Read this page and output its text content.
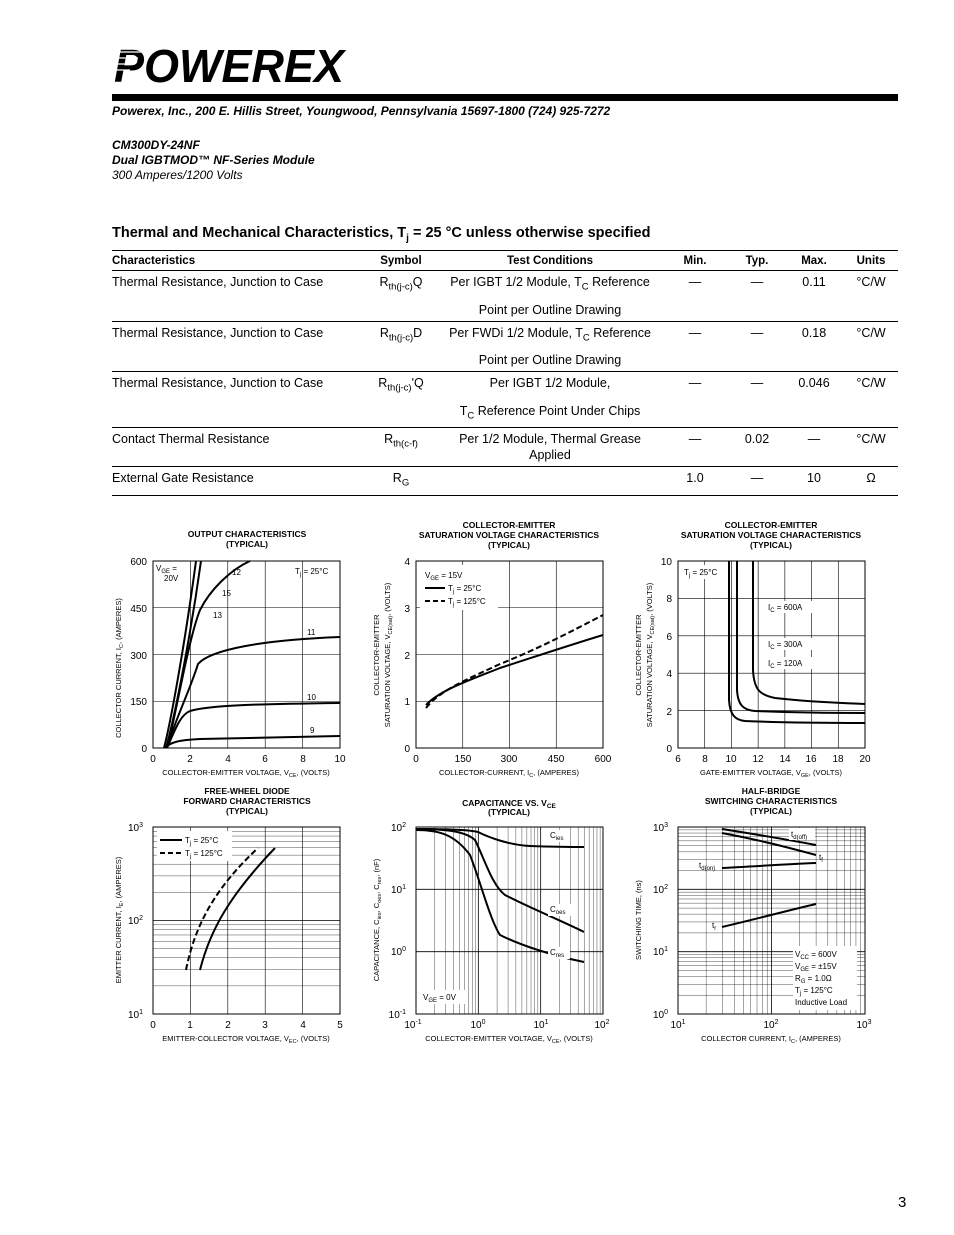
POWEREX
Powerex, Inc., 200 E. Hillis Street, Youngwood, Pennsylvania 15697-1800 (724) 925-7272
CM300DY-24NF
Dual IGBTMOD™ NF-Series Module
300 Amperes/1200 Volts
Thermal and Mechanical Characteristics, $T_j = 25$ °C unless otherwise specified
Characteristics	Symbol	Test Conditions	Min.	Typ.	Max.	Units
Thermal Resistance, Junction to Case	$R_{th(j-c)}Q$	Per IGBT 1/2 Module, $T_C$ Reference	—	—	0.11	°C/W
		Point per Outline Drawing				
Thermal Resistance, Junction to Case	$R_{th(j-c)}D$	Per FWDi 1/2 Module, $T_C$ Reference	—	—	0.18	°C/W
		Point per Outline Drawing				
Thermal Resistance, Junction to Case	$R_{th(j-c)}'Q$	Per IGBT 1/2 Module,	—	—	0.046	°C/W
		$T_C$ Reference Point Under Chips				
Contact Thermal Resistance	$R_{th(c-f)}$	Per 1/2 Module, Thermal Grease Applied	—	0.02	—	°C/W
External Gate Resistance	$R_G$		1.0	—	10	Ω
OUTPUT CHARACTERISTICS
(TYPICAL)
0	2	4	6	8	10
0
150
300
450
600
COLLECTOR-EMITTER VOLTAGE, $V_{CE}$, (VOLTS)
COLLECTOR CURRENT, $I_C$, (AMPERES)
$V_{GE}$ =
20V
$T_j = 25^\circ C$
12
15
13
11
10
9
COLLECTOR-EMITTER
SATURATION VOLTAGE CHARACTERISTICS
(TYPICAL)
0	150	300	450	600
0
1
2
3
4
COLLECTOR-CURRENT, $I_C$, (AMPERES)
COLLECTOR-EMITTER SATURATION VOLTAGE, $V_{CE(sat)}$, (VOLTS)
$V_{GE} = 15V$
$T_j = 25^\circ C$
$T_j = 125^\circ C$
COLLECTOR-EMITTER
SATURATION VOLTAGE CHARACTERISTICS
(TYPICAL)
6 8 10 12 14 16 18 20
0
2
4
6
8
10
GATE-EMITTER VOLTAGE, $V_{GE}$, (VOLTS)
COLLECTOR-EMITTER SATURATION VOLTAGE, $V_{CE(sat)}$, (VOLTS)
$T_j = 25^\circ C$
$I_C = 600A$
$I_C = 300A$
$I_C = 120A$
FREE-WHEEL DIODE
FORWARD CHARACTERISTICS
(TYPICAL)
0	1	2	3	4	5
$10^3$
$10^2$
$10^1$
EMITTER-COLLECTOR VOLTAGE, $V_{EC}$, (VOLTS)
EMITTER CURRENT, $I_E$, (AMPERES)
$T_j = 25^\circ C$
$T_j = 125^\circ C$
CAPACITANCE VS. $V_{CE}$
(TYPICAL)
$10^{-1}$	$10^0$	$10^1$	$10^2$
$10^2$
$10^1$
$10^0$
$10^{-1}$
COLLECTOR-EMITTER VOLTAGE, $V_{CE}$, (VOLTS)
CAPACITANCE, $C_{ies}$, $C_{oes}$, $C_{res}$, (nF)
$C_{ies}$
$C_{oes}$
$C_{res}$
$V_{GE} = 0V$
HALF-BRIDGE
SWITCHING CHARACTERISTICS
(TYPICAL)
$10^1$	$10^2$	$10^3$
$10^3$
$10^2$
$10^1$
$10^0$
COLLECTOR CURRENT, $I_C$, (AMPERES)
SWITCHING TIME, (ns)
$t_{d(off)}$
$t_{d(on)}$
$t_f$
$t_r$
$V_{CC} = 600V$
$V_{GE} = \pm 15V$
$R_G = 1.0\Omega$
$T_j = 125^\circ C$
Inductive Load
3
